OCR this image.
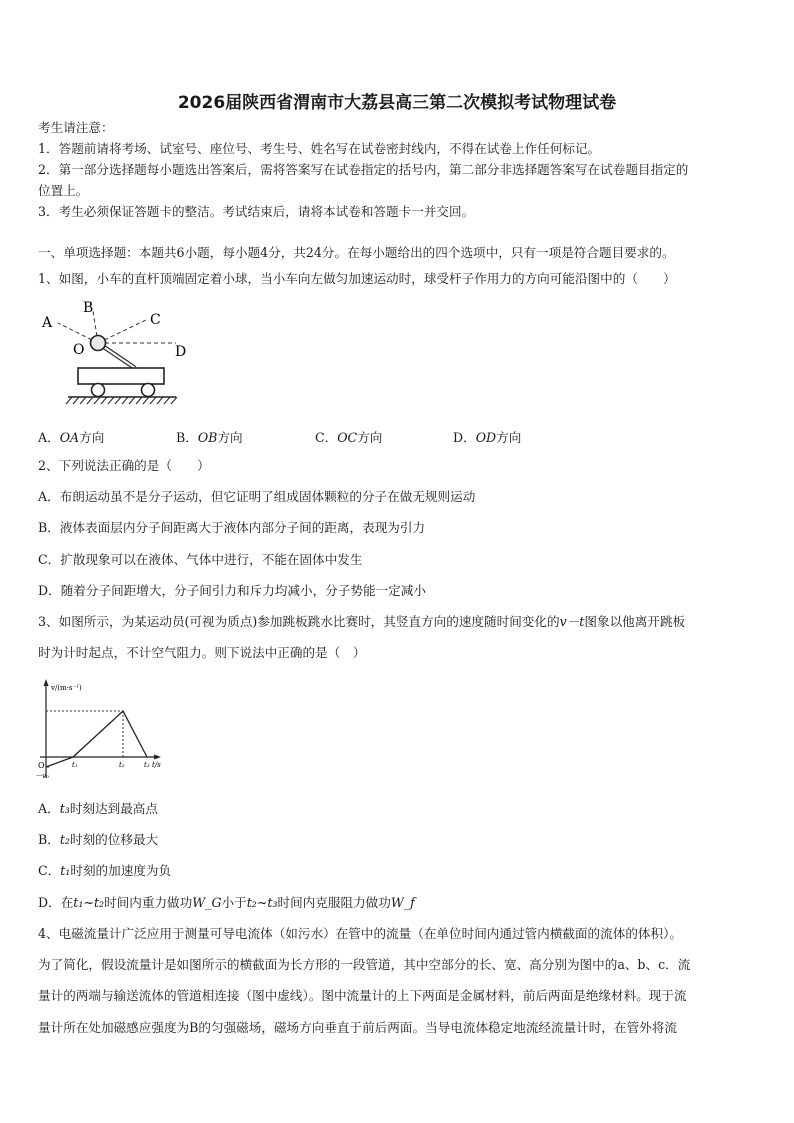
2026届陕西省渭南市大荔县高三第二次模拟考试物理试卷
考生请注意：
1．答题前请将考场、试室号、座位号、考生号、姓名写在试卷密封线内，不得在试卷上作任何标记。
2．第一部分选择题每小题选出答案后，需将答案写在试卷指定的括号内，第二部分非选择题答案写在试卷题目指定的
位置上。
3．考生必须保证答题卡的整洁。考试结束后，请将本试卷和答题卡一并交回。
一、单项选择题：本题共6小题，每小题4分，共24分。在每小题给出的四个选项中，只有一项是符合题目要求的。
1、如图，小车的直杆顶端固定着小球，当小车向左做匀加速运动时，球受杆子作用力的方向可能沿图中的（　　）
A
B
C
D
O
A．OA方向	B．OB方向	C．OC方向	D．OD方向
2、下列说法正确的是（　　）
A．布朗运动虽不是分子运动，但它证明了组成固体颗粒的分子在做无规则运动
B．液体表面层内分子间距离大于液体内部分子间的距离，表现为引力
C．扩散现象可以在液体、气体中进行，不能在固体中发生
D．随着分子间距增大，分子间引力和斥力均减小，分子势能一定减小
3、如图所示，为某运动员(可视为质点)参加跳板跳水比赛时，其竖直方向的速度随时间变化的v－t图象以他离开跳板
时为计时起点，不计空气阻力。则下说法中正确的是（　）
v/(m·s⁻¹)
t/s
O
－v₀
t₁	t₂	t₃
A．t₃时刻达到最高点
B．t₂时刻的位移最大
C．t₁时刻的加速度为负
D．在t₁~t₂时间内重力做功W_G小于t₂~t₃时间内克服阻力做功W_f
4、电磁流量计广泛应用于测量可导电流体（如污水）在管中的流量（在单位时间内通过管内横截面的流体的体积）。
为了简化，假设流量计是如图所示的横截面为长方形的一段管道，其中空部分的长、宽、高分别为图中的a、b、c．流
量计的两端与输送流体的管道相连接（图中虚线）。图中流量计的上下两面是金属材料，前后两面是绝缘材料。现于流
量计所在处加磁感应强度为B的匀强磁场，磁场方向垂直于前后两面。当导电流体稳定地流经流量计时，在管外将流
